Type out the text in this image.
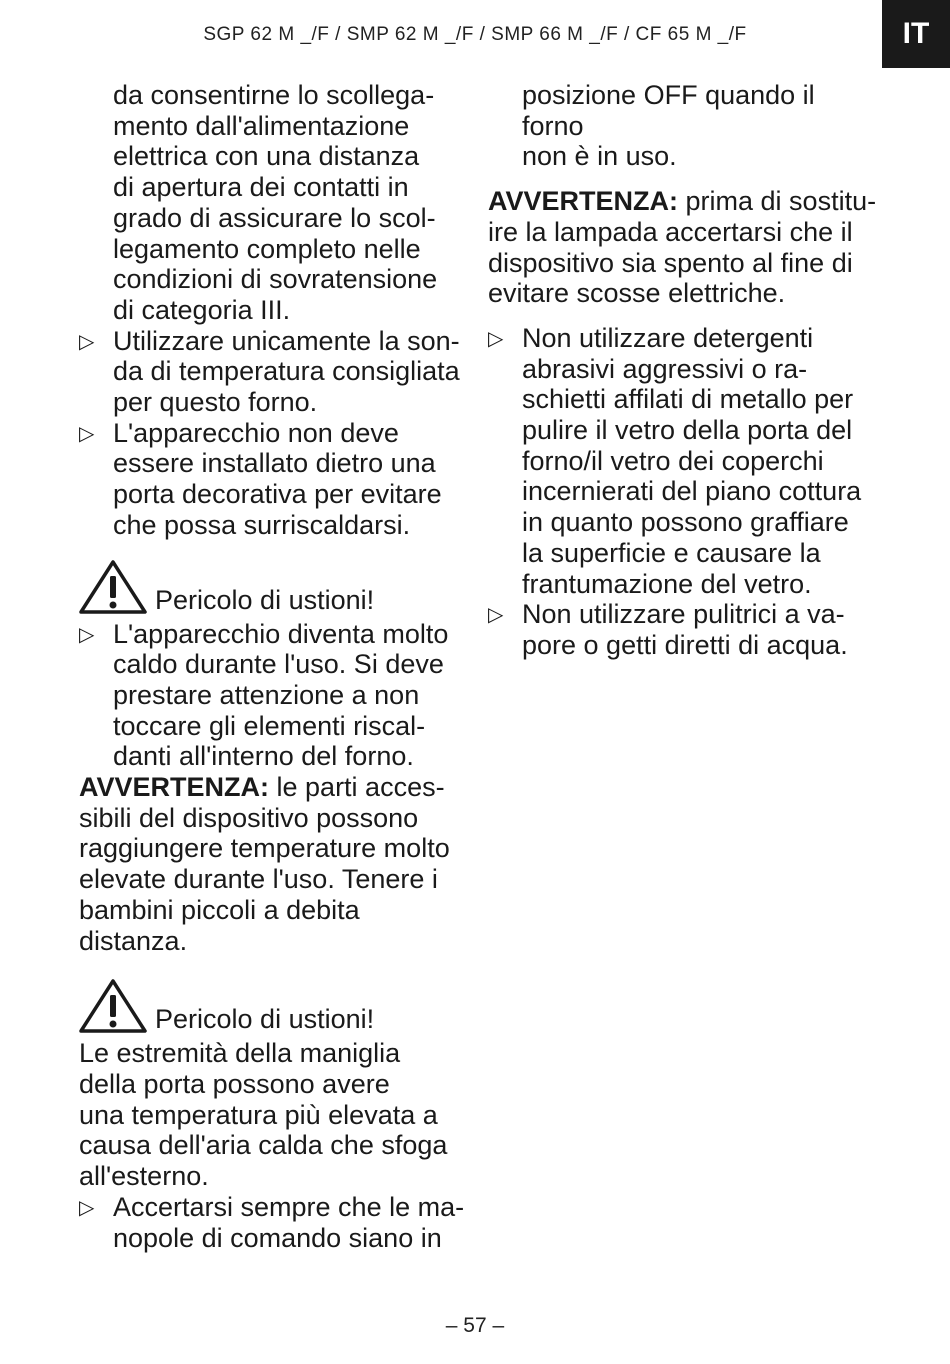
SGP 62 M _/F / SMP 62 M _/F / SMP 66 M _/F / CF 65 M _/F	IT
da consentirne lo scollega-
mento dall'alimentazione
elettrica con una distanza
di apertura dei contatti in
grado di assicurare lo scol-
legamento completo nelle
condizioni di sovratensione
di categoria III.
▷ Utilizzare unicamente la son-
da di temperatura consigliata
per questo forno.
▷ L'apparecchio non deve
essere installato dietro una
porta decorativa per evitare
che possa surriscaldarsi.
Pericolo di ustioni!
▷ L'apparecchio diventa molto
caldo durante l'uso. Si deve
prestare attenzione a non
toccare gli elementi riscal-
danti all'interno del forno.
AVVERTENZA: le parti acces-
sibili del dispositivo possono
raggiungere temperature molto
elevate durante l'uso. Tenere i
bambini piccoli a debita
distanza.
Pericolo di ustioni!
Le estremità della maniglia
della porta possono avere
una temperatura più elevata a
causa dell'aria calda che sfoga
all'esterno.
▷ Accertarsi sempre che le ma-
nopole di comando siano in
posizione OFF quando il forno
non è in uso.
AVVERTENZA: prima di sostitu-
ire la lampada accertarsi che il
dispositivo sia spento al fine di
evitare scosse elettriche.
▷ Non utilizzare detergenti
abrasivi aggressivi o ra-
schietti affilati di metallo per
pulire il vetro della porta del
forno/il vetro dei coperchi
incernierati del piano cottura
in quanto possono graffiare
la superficie e causare la
frantumazione del vetro.
▷ Non utilizzare pulitrici a va-
pore o getti diretti di acqua.
– 57 –
